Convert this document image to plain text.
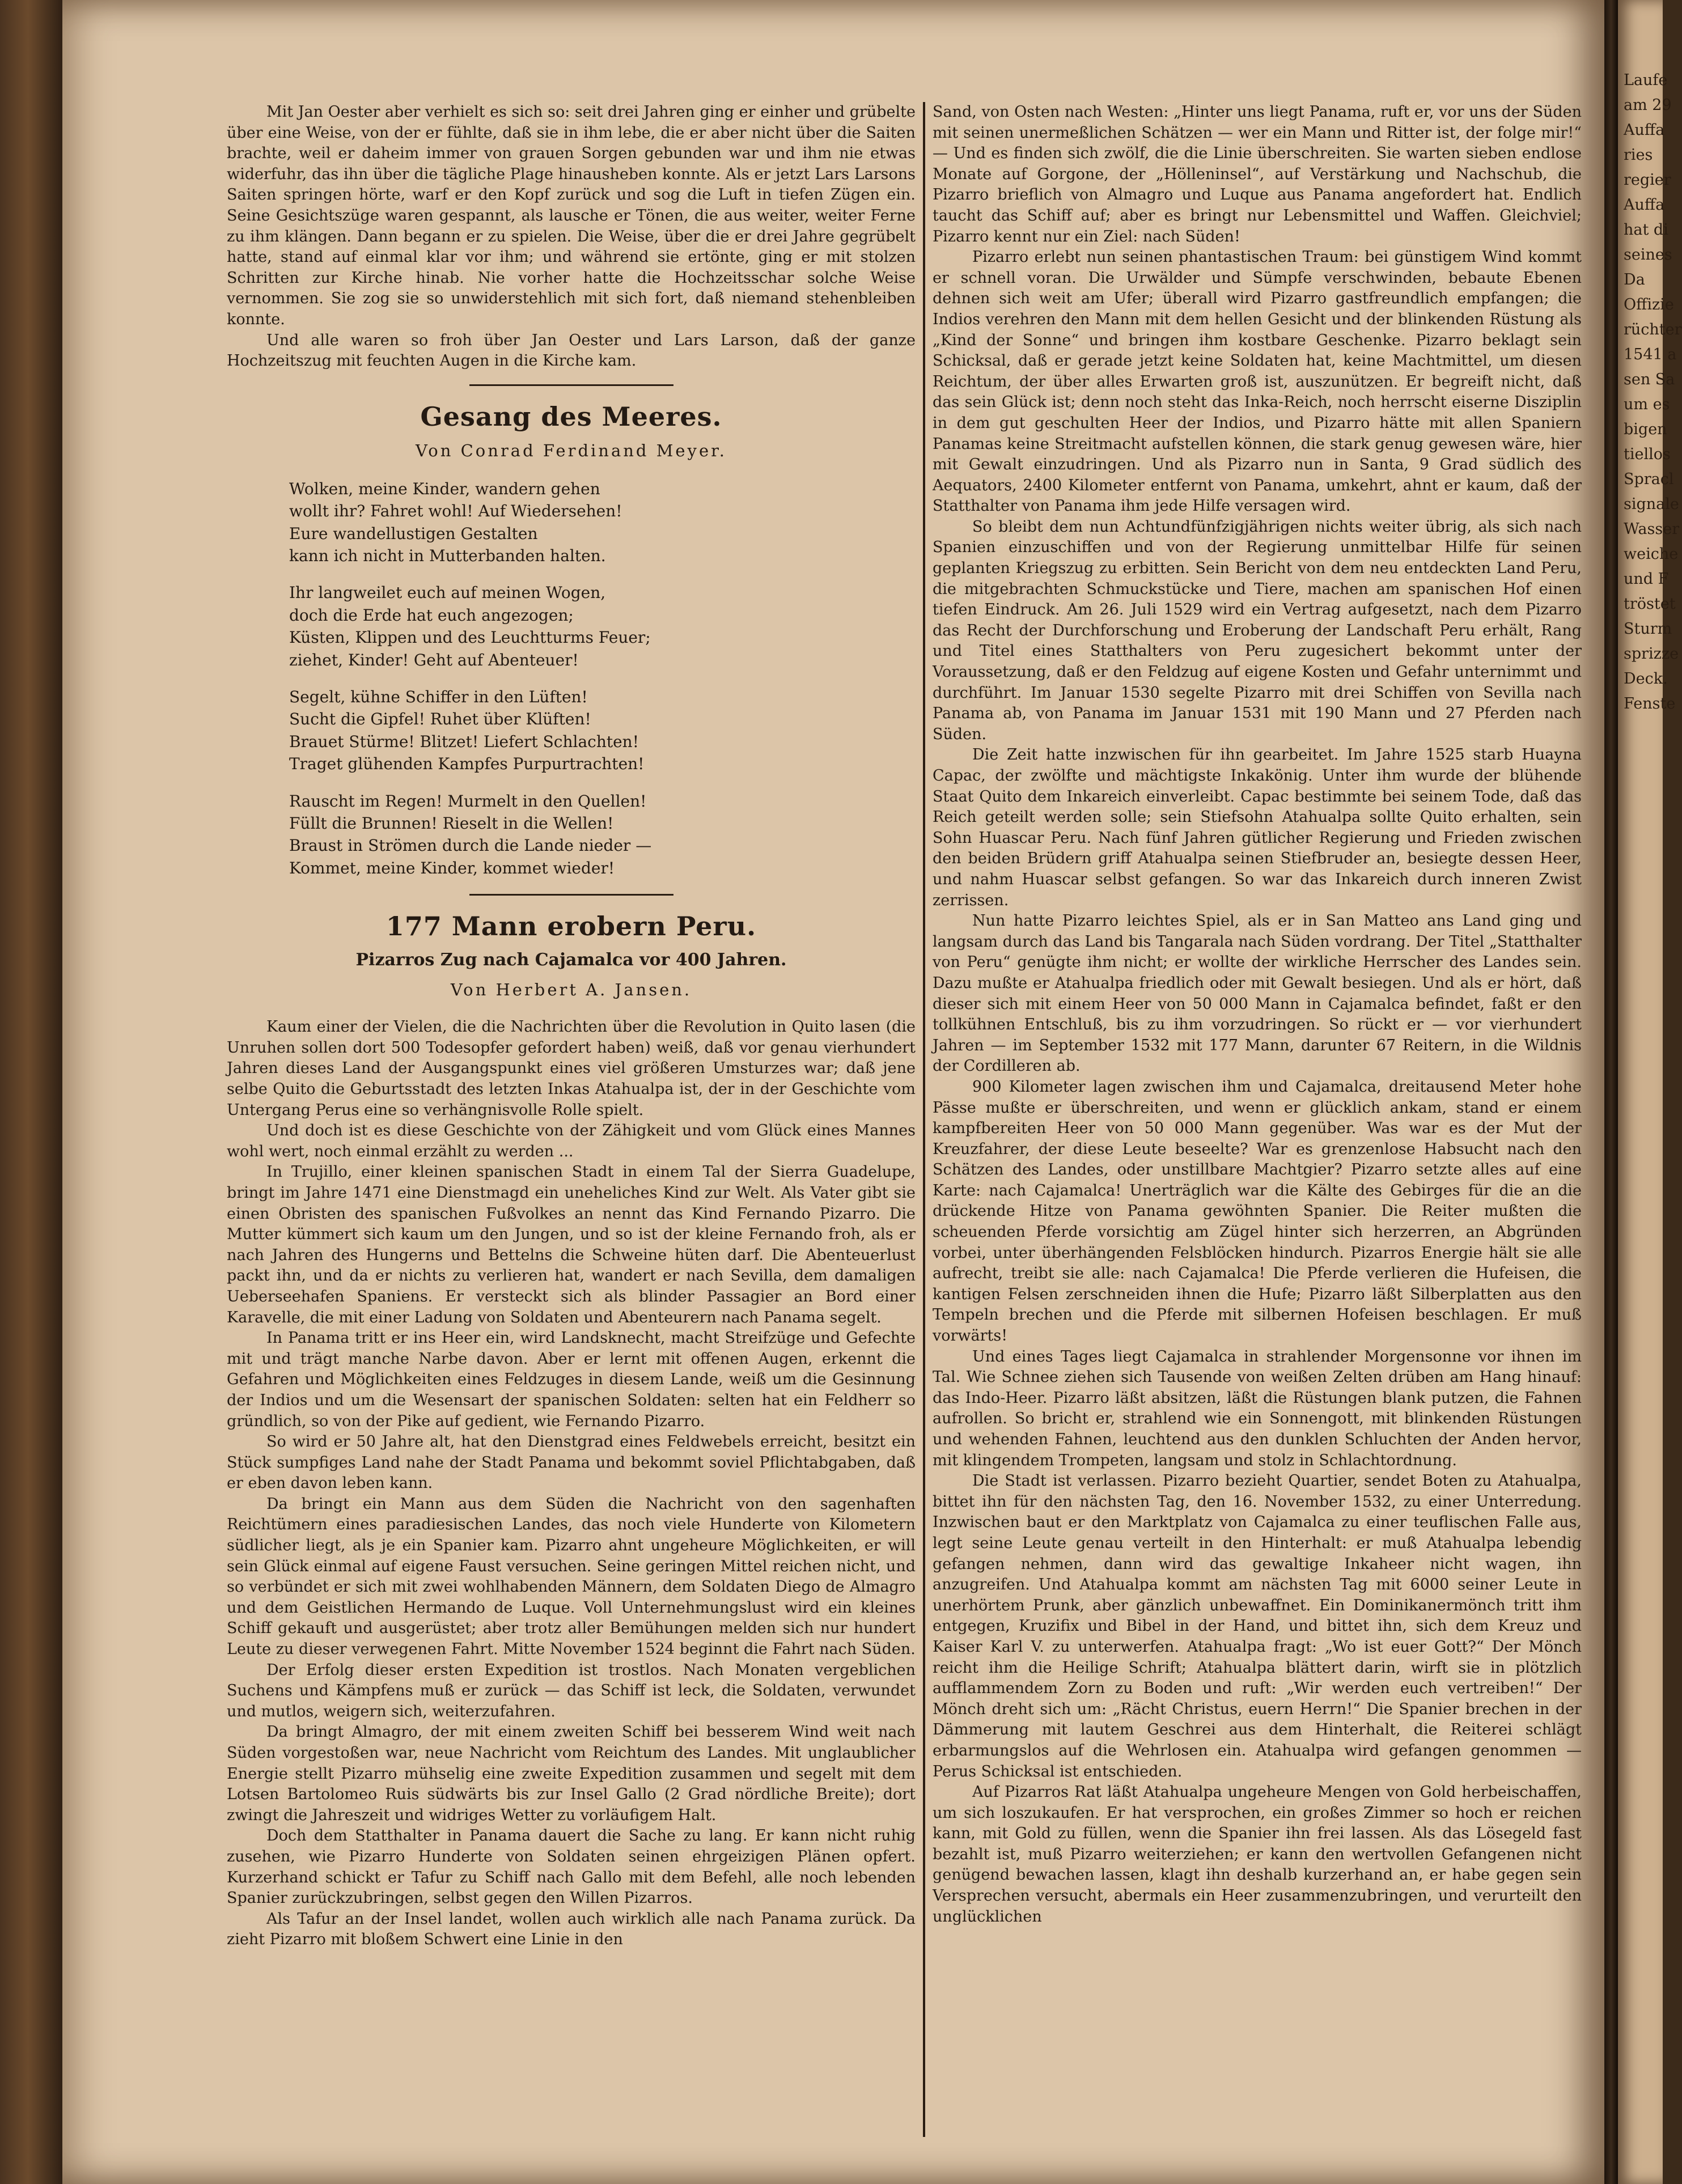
Mit Jan Oester aber verhielt es sich so: seit drei Jahren ging er einher und grübelte über eine Weise, von der er fühlte, daß sie in ihm lebe, die er aber nicht über die Saiten brachte, weil er daheim immer von grauen Sorgen gebunden war und ihm nie etwas widerfuhr, das ihn über die tägliche Plage hinausheben konnte. Als er jetzt Lars Larsons Saiten springen hörte, warf er den Kopf zurück und sog die Luft in tiefen Zügen ein. Seine Gesichtszüge waren gespannt, als lausche er Tönen, die aus weiter, weiter Ferne zu ihm klängen. Dann begann er zu spielen. Die Weise, über die er drei Jahre gegrübelt hatte, stand auf einmal klar vor ihm; und während sie ertönte, ging er mit stolzen Schritten zur Kirche hinab. Nie vorher hatte die Hochzeitsschar solche Weise vernommen. Sie zog sie so unwiderstehlich mit sich fort, daß niemand stehenbleiben konnte.

Und alle waren so froh über Jan Oester und Lars Larson, daß der ganze Hochzeitszug mit feuchten Augen in die Kirche kam.

Gesang des Meeres.
Von Conrad Ferdinand Meyer.
Wolken, meine Kinder, wandern gehen
wollt ihr? Fahret wohl! Auf Wiedersehen!
Eure wandellustigen Gestalten
kann ich nicht in Mutterbanden halten.
Ihr langweilet euch auf meinen Wogen,
doch die Erde hat euch angezogen;
Küsten, Klippen und des Leuchtturms Feuer;
ziehet, Kinder! Geht auf Abenteuer!
Segelt, kühne Schiffer in den Lüften!
Sucht die Gipfel! Ruhet über Klüften!
Brauet Stürme! Blitzet! Liefert Schlachten!
Traget glühenden Kampfes Purpurtrachten!
Rauscht im Regen! Murmelt in den Quellen!
Füllt die Brunnen! Rieselt in die Wellen!
Braust in Strömen durch die Lande nieder —
Kommet, meine Kinder, kommet wieder!
177 Mann erobern Peru.
Pizarros Zug nach Cajamalca vor 400 Jahren.
Von Herbert A. Jansen.

Kaum einer der Vielen, die die Nachrichten über die Revolution in Quito lasen (die Unruhen sollen dort 500 Todesopfer gefordert haben) weiß, daß vor genau vierhundert Jahren dieses Land der Ausgangspunkt eines viel größeren Umsturzes war; daß jene selbe Quito die Geburtsstadt des letzten Inkas Atahualpa ist, der in der Geschichte vom Untergang Perus eine so verhängnisvolle Rolle spielt.

Und doch ist es diese Geschichte von der Zähigkeit und vom Glück eines Mannes wohl wert, noch einmal erzählt zu werden ...

In Trujillo, einer kleinen spanischen Stadt in einem Tal der Sierra Guadelupe, bringt im Jahre 1471 eine Dienstmagd ein uneheliches Kind zur Welt. Als Vater gibt sie einen Obristen des spanischen Fußvolkes an nennt das Kind Fernando Pizarro. Die Mutter kümmert sich kaum um den Jungen, und so ist der kleine Fernando froh, als er nach Jahren des Hungerns und Bettelns die Schweine hüten darf. Die Abenteuerlust packt ihn, und da er nichts zu verlieren hat, wandert er nach Sevilla, dem damaligen Ueberseehafen Spaniens. Er versteckt sich als blinder Passagier an Bord einer Karavelle, die mit einer Ladung von Soldaten und Abenteurern nach Panama segelt.

In Panama tritt er ins Heer ein, wird Landsknecht, macht Streifzüge und Gefechte mit und trägt manche Narbe davon. Aber er lernt mit offenen Augen, erkennt die Gefahren und Möglichkeiten eines Feldzuges in diesem Lande, weiß um die Gesinnung der Indios und um die Wesensart der spanischen Soldaten: selten hat ein Feldherr so gründlich, so von der Pike auf gedient, wie Fernando Pizarro.

So wird er 50 Jahre alt, hat den Dienstgrad eines Feldwebels erreicht, besitzt ein Stück sumpfiges Land nahe der Stadt Panama und bekommt soviel Pflichtabgaben, daß er eben davon leben kann.

Da bringt ein Mann aus dem Süden die Nachricht von den sagenhaften Reichtümern eines paradiesischen Landes, das noch viele Hunderte von Kilometern südlicher liegt, als je ein Spanier kam. Pizarro ahnt ungeheure Möglichkeiten, er will sein Glück einmal auf eigene Faust versuchen. Seine geringen Mittel reichen nicht, und so verbündet er sich mit zwei wohlhabenden Männern, dem Soldaten Diego de Almagro und dem Geistlichen Hermando de Luque. Voll Unternehmungslust wird ein kleines Schiff gekauft und ausgerüstet; aber trotz aller Bemühungen melden sich nur hundert Leute zu dieser verwegenen Fahrt. Mitte November 1524 beginnt die Fahrt nach Süden.

Der Erfolg dieser ersten Expedition ist trostlos. Nach Monaten vergeblichen Suchens und Kämpfens muß er zurück — das Schiff ist leck, die Soldaten, verwundet und mutlos, weigern sich, weiterzufahren.

Da bringt Almagro, der mit einem zweiten Schiff bei besserem Wind weit nach Süden vorgestoßen war, neue Nachricht vom Reichtum des Landes. Mit unglaublicher Energie stellt Pizarro mühselig eine zweite Expedition zusammen und segelt mit dem Lotsen Bartolomeo Ruis südwärts bis zur Insel Gallo (2 Grad nördliche Breite); dort zwingt die Jahreszeit und widriges Wetter zu vorläufigem Halt.

Doch dem Statthalter in Panama dauert die Sache zu lang. Er kann nicht ruhig zusehen, wie Pizarro Hunderte von Soldaten seinen ehrgeizigen Plänen opfert. Kurzerhand schickt er Tafur zu Schiff nach Gallo mit dem Befehl, alle noch lebenden Spanier zurückzubringen, selbst gegen den Willen Pizarros.

Als Tafur an der Insel landet, wollen auch wirklich alle nach Panama zurück. Da zieht Pizarro mit bloßem Schwert eine Linie in den

Sand, von Osten nach Westen: „Hinter uns liegt Panama, ruft er, vor uns der Süden mit seinen unermeßlichen Schätzen — wer ein Mann und Ritter ist, der folge mir!“ — Und es finden sich zwölf, die die Linie überschreiten. Sie warten sieben endlose Monate auf Gorgone, der „Hölleninsel“, auf Verstärkung und Nachschub, die Pizarro brieflich von Almagro und Luque aus Panama angefordert hat. Endlich taucht das Schiff auf; aber es bringt nur Lebensmittel und Waffen. Gleichviel; Pizarro kennt nur ein Ziel: nach Süden!

Pizarro erlebt nun seinen phantastischen Traum: bei günstigem Wind kommt er schnell voran. Die Urwälder und Sümpfe verschwinden, bebaute Ebenen dehnen sich weit am Ufer; überall wird Pizarro gastfreundlich empfangen; die Indios verehren den Mann mit dem hellen Gesicht und der blinkenden Rüstung als „Kind der Sonne“ und bringen ihm kostbare Geschenke. Pizarro beklagt sein Schicksal, daß er gerade jetzt keine Soldaten hat, keine Machtmittel, um diesen Reichtum, der über alles Erwarten groß ist, auszunützen. Er begreift nicht, daß das sein Glück ist; denn noch steht das Inka-Reich, noch herrscht eiserne Disziplin in dem gut geschulten Heer der Indios, und Pizarro hätte mit allen Spaniern Panamas keine Streitmacht aufstellen können, die stark genug gewesen wäre, hier mit Gewalt einzudringen. Und als Pizarro nun in Santa, 9 Grad südlich des Aequators, 2400 Kilometer entfernt von Panama, umkehrt, ahnt er kaum, daß der Statthalter von Panama ihm jede Hilfe versagen wird.

So bleibt dem nun Achtundfünfzigjährigen nichts weiter übrig, als sich nach Spanien einzuschiffen und von der Regierung unmittelbar Hilfe für seinen geplanten Kriegszug zu erbitten. Sein Bericht von dem neu entdeckten Land Peru, die mitgebrachten Schmuckstücke und Tiere, machen am spanischen Hof einen tiefen Eindruck. Am 26. Juli 1529 wird ein Vertrag aufgesetzt, nach dem Pizarro das Recht der Durchforschung und Eroberung der Landschaft Peru erhält, Rang und Titel eines Statthalters von Peru zugesichert bekommt unter der Voraussetzung, daß er den Feldzug auf eigene Kosten und Gefahr unternimmt und durchführt. Im Januar 1530 segelte Pizarro mit drei Schiffen von Sevilla nach Panama ab, von Panama im Januar 1531 mit 190 Mann und 27 Pferden nach Süden.

Die Zeit hatte inzwischen für ihn gearbeitet. Im Jahre 1525 starb Huayna Capac, der zwölfte und mächtigste Inkakönig. Unter ihm wurde der blühende Staat Quito dem Inkareich einverleibt. Capac bestimmte bei seinem Tode, daß das Reich geteilt werden solle; sein Stiefsohn Atahualpa sollte Quito erhalten, sein Sohn Huascar Peru. Nach fünf Jahren gütlicher Regierung und Frieden zwischen den beiden Brüdern griff Atahualpa seinen Stiefbruder an, besiegte dessen Heer, und nahm Huascar selbst gefangen. So war das Inkareich durch inneren Zwist zerrissen.

Nun hatte Pizarro leichtes Spiel, als er in San Matteo ans Land ging und langsam durch das Land bis Tangarala nach Süden vordrang. Der Titel „Statthalter von Peru“ genügte ihm nicht; er wollte der wirkliche Herrscher des Landes sein. Dazu mußte er Atahualpa friedlich oder mit Gewalt besiegen. Und als er hört, daß dieser sich mit einem Heer von 50 000 Mann in Cajamalca befindet, faßt er den tollkühnen Entschluß, bis zu ihm vorzudringen. So rückt er — vor vierhundert Jahren — im September 1532 mit 177 Mann, darunter 67 Reitern, in die Wildnis der Cordilleren ab.

900 Kilometer lagen zwischen ihm und Cajamalca, dreitausend Meter hohe Pässe mußte er überschreiten, und wenn er glücklich ankam, stand er einem kampfbereiten Heer von 50 000 Mann gegenüber. Was war es der Mut der Kreuzfahrer, der diese Leute beseelte? War es grenzenlose Habsucht nach den Schätzen des Landes, oder unstillbare Machtgier? Pizarro setzte alles auf eine Karte: nach Cajamalca! Unerträglich war die Kälte des Gebirges für die an die drückende Hitze von Panama gewöhnten Spanier. Die Reiter mußten die scheuenden Pferde vorsichtig am Zügel hinter sich herzerren, an Abgründen vorbei, unter überhängenden Felsblöcken hindurch. Pizarros Energie hält sie alle aufrecht, treibt sie alle: nach Cajamalca! Die Pferde verlieren die Hufeisen, die kantigen Felsen zerschneiden ihnen die Hufe; Pizarro läßt Silberplatten aus den Tempeln brechen und die Pferde mit silbernen Hofeisen beschlagen. Er muß vorwärts!

Und eines Tages liegt Cajamalca in strahlender Morgensonne vor ihnen im Tal. Wie Schnee ziehen sich Tausende von weißen Zelten drüben am Hang hinauf: das Indo-Heer. Pizarro läßt absitzen, läßt die Rüstungen blank putzen, die Fahnen aufrollen. So bricht er, strahlend wie ein Sonnengott, mit blinkenden Rüstungen und wehenden Fahnen, leuchtend aus den dunklen Schluchten der Anden hervor, mit klingendem Trompeten, langsam und stolz in Schlachtordnung.

Die Stadt ist verlassen. Pizarro bezieht Quartier, sendet Boten zu Atahualpa, bittet ihn für den nächsten Tag, den 16. November 1532, zu einer Unterredung. Inzwischen baut er den Marktplatz von Cajamalca zu einer teuflischen Falle aus, legt seine Leute genau verteilt in den Hinterhalt: er muß Atahualpa lebendig gefangen nehmen, dann wird das gewaltige Inkaheer nicht wagen, ihn anzugreifen. Und Atahualpa kommt am nächsten Tag mit 6000 seiner Leute in unerhörtem Prunk, aber gänzlich unbewaffnet. Ein Dominikanermönch tritt ihm entgegen, Kruzifix und Bibel in der Hand, und bittet ihn, sich dem Kreuz und Kaiser Karl V. zu unterwerfen. Atahualpa fragt: „Wo ist euer Gott?“ Der Mönch reicht ihm die Heilige Schrift; Atahualpa blättert darin, wirft sie in plötzlich aufflammendem Zorn zu Boden und ruft: „Wir werden euch vertreiben!“ Der Mönch dreht sich um: „Rächt Christus, euern Herrn!“ Die Spanier brechen in der Dämmerung mit lautem Geschrei aus dem Hinterhalt, die Reiterei schlägt erbarmungslos auf die Wehrlosen ein. Atahualpa wird gefangen genommen — Perus Schicksal ist entschieden.

Auf Pizarros Rat läßt Atahualpa ungeheure Mengen von Gold herbeischaffen, um sich loszukaufen. Er hat versprochen, ein großes Zimmer so hoch er reichen kann, mit Gold zu füllen, wenn die Spanier ihn frei lassen. Als das Lösegeld fast bezahlt ist, muß Pizarro weiterziehen; er kann den wertvollen Gefangenen nicht genügend bewachen lassen, klagt ihn deshalb kurzerhand an, er habe gegen sein Versprechen versucht, abermals ein Heer zusammenzubringen, und verurteilt den unglücklichen

Laufe
am 29
Auffa
ries
regier
Auffa
hat di
seines
Da
Offizie
rüchter
1541 a
sen Sa
um es
bigen
tiellos
Spracl
signale
Wasser
weiche
und F
tröstet
Sturm
sprizze
Deck.
Fenste
